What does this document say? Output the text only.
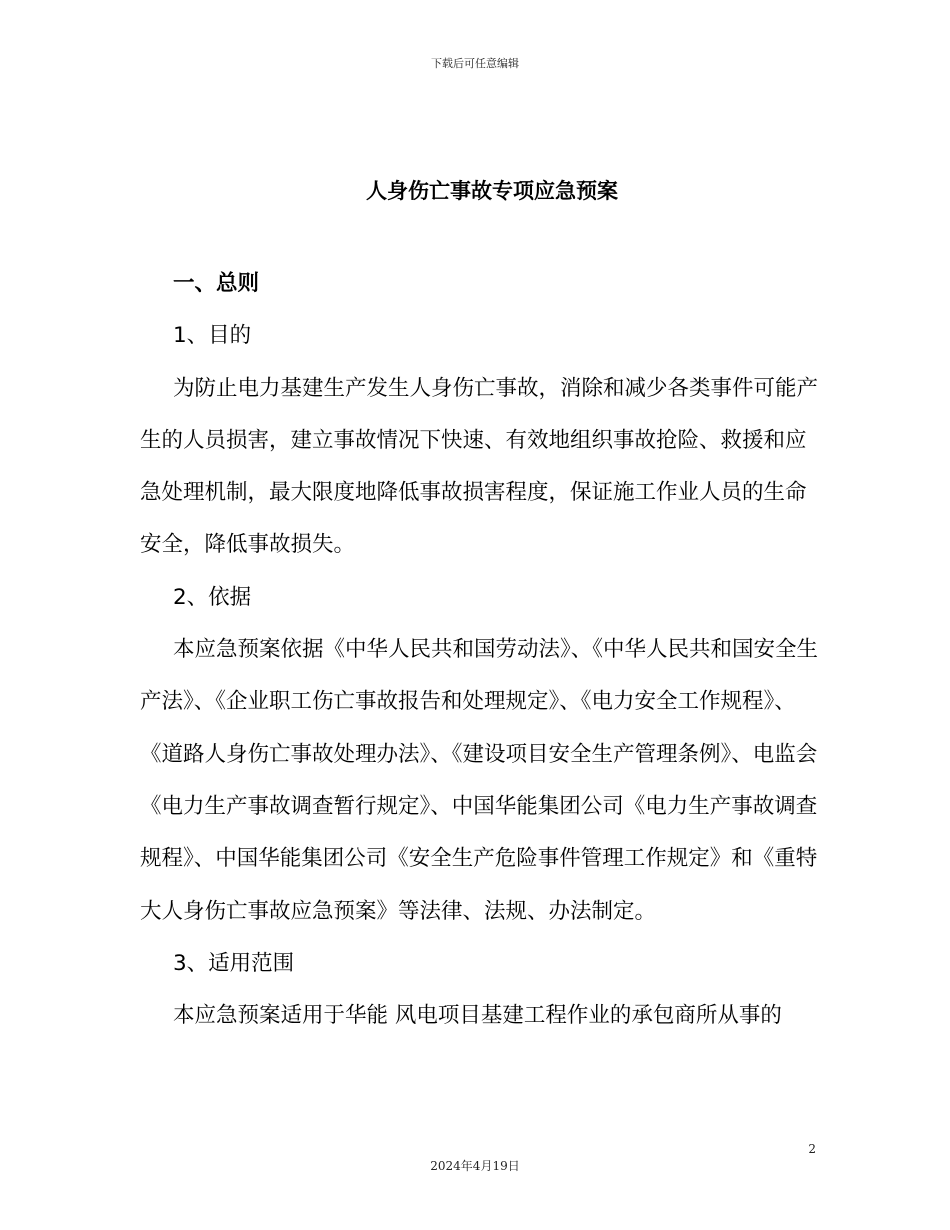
下载后可任意编辑
人身伤亡事故专项应急预案

一、总则

1、目的

为防止电力基建生产发生人身伤亡事故，消除和减少各类事件可能产生的人员损害，建立事故情况下快速、有效地组织事故抢险、救援和应急处理机制，最大限度地降低事故损害程度，保证施工作业人员的生命安全，降低事故损失。

2、依据

本应急预案依据《中华人民共和国劳动法》、《中华人民共和国安全生产法》、《企业职工伤亡事故报告和处理规定》、《电力安全工作规程》、《道路人身伤亡事故处理办法》、《建设项目安全生产管理条例》、电监会《电力生产事故调查暂行规定》、中国华能集团公司《电力生产事故调查规程》、中国华能集团公司《安全生产危险事件管理工作规定》和《重特大人身伤亡事故应急预案》等法律、法规、办法制定。

3、适用范围

本应急预案适用于华能 风电项目基建工程作业的承包商所从事的

2
2024年4月19日
